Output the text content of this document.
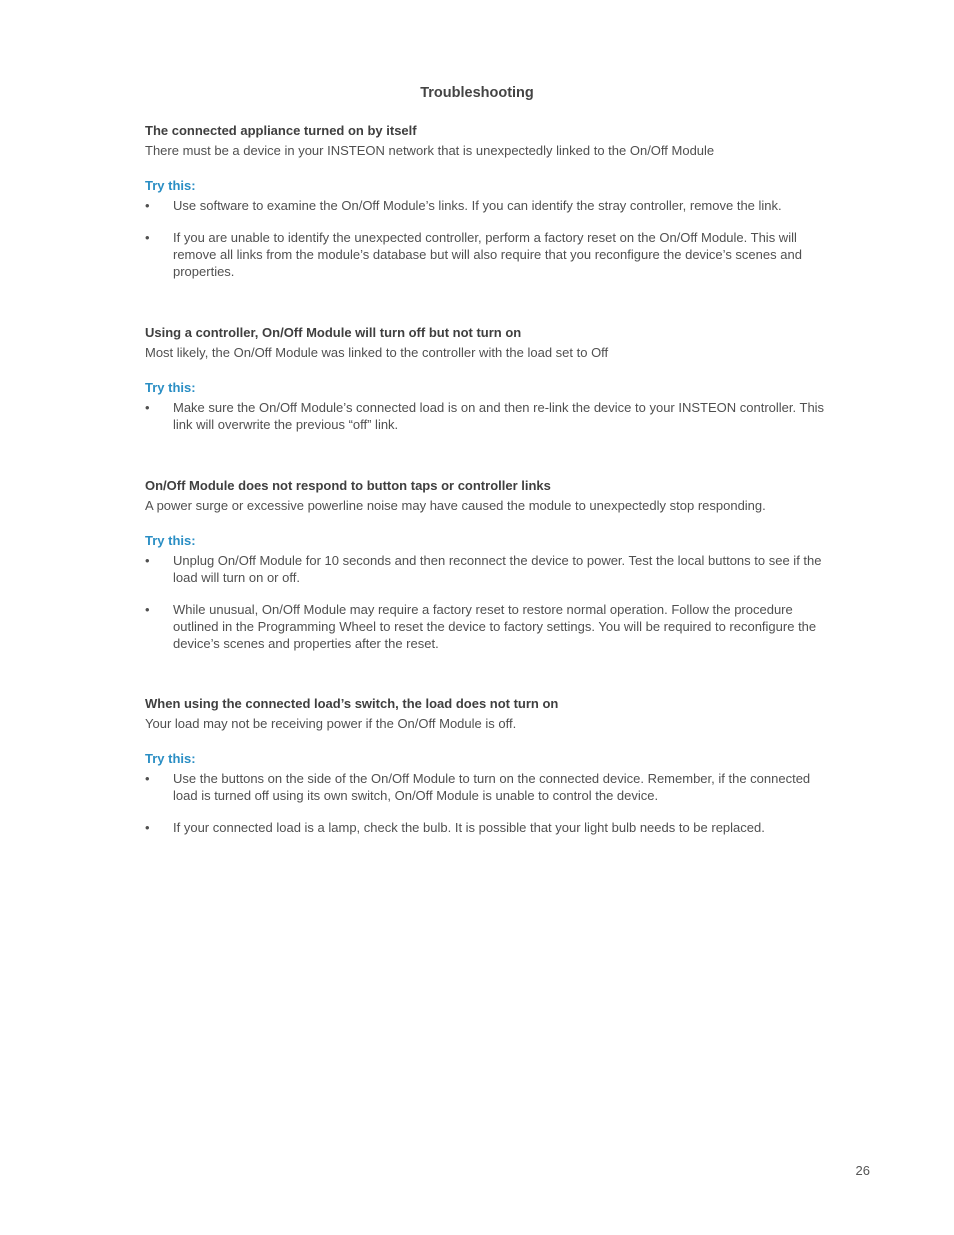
Troubleshooting

The connected appliance turned on by itself

There must be a device in your INSTEON network that is unexpectedly linked to the On/Off Module

Try this:

•	Use software to examine the On/Off Module’s links. If you can identify the stray controller, remove the link.
•	If you are unable to identify the unexpected controller, perform a factory reset on the On/Off Module. This will remove all links from the module’s database but will also require that you reconfigure the device’s scenes and properties.

Using a controller, On/Off Module will turn off but not turn on

Most likely, the On/Off Module was linked to the controller with the load set to Off

Try this:

•	Make sure the On/Off Module’s connected load is on and then re-link the device to your INSTEON controller. This link will overwrite the previous “off” link.

On/Off Module does not respond to button taps or controller links

A power surge or excessive powerline noise may have caused the module to unexpectedly stop responding.

Try this:

•	Unplug On/Off Module for 10 seconds and then reconnect the device to power. Test the local buttons to see if the load will turn on or off.
•	While unusual, On/Off Module may require a factory reset to restore normal operation. Follow the procedure outlined in the Programming Wheel to reset the device to factory settings. You will be required to reconfigure the device’s scenes and properties after the reset.

When using the connected load’s switch, the load does not turn on

Your load may not be receiving power if the On/Off Module is off.

Try this:

•	Use the buttons on the side of the On/Off Module to turn on the connected device. Remember, if the connected load is turned off using its own switch, On/Off Module is unable to control the device.
•	If your connected load is a lamp, check the bulb. It is possible that your light bulb needs to be replaced.
26
